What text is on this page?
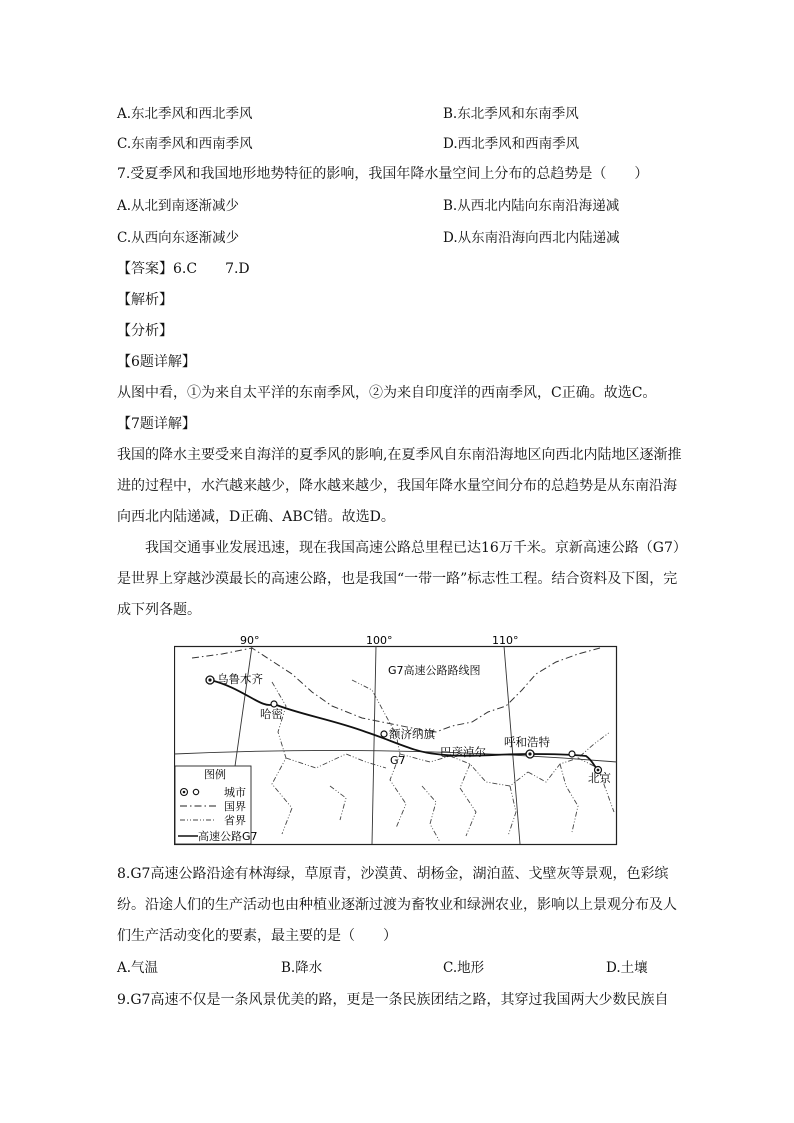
A.东北季风和西北季风	B.东北季风和东南季风
C.东南季风和西南季风	D.西北季风和西南季风
7.受夏季风和我国地形地势特征的影响，我国年降水量空间上分布的总趋势是（　　）
A.从北到南逐渐减少	B.从西北内陆向东南沿海递减
C.从西向东逐渐减少	D.从东南沿海向西北内陆递减
【答案】6.C　　7.D
【解析】
【分析】
【6题详解】
从图中看，①为来自太平洋的东南季风，②为来自印度洋的西南季风，C正确。故选C。
【7题详解】
我国的降水主要受来自海洋的夏季风的影响,在夏季风自东南沿海地区向西北内陆地区逐渐推进的过程中，水汽越来越少，降水越来越少，我国年降水量空间分布的总趋势是从东南沿海向西北内陆递减，D正确、ABC错。故选D。
我国交通事业发展迅速，现在我国高速公路总里程已达16万千米。京新高速公路（G7）是世界上穿越沙漠最长的高速公路，也是我国“一带一路”标志性工程。结合资料及下图，完成下列各题。
90°	100°	110°
乌鲁木齐
哈密
额济纳旗
巴彦淖尔
呼和浩特
北京
G7高速公路路线图
G7
图例
城市
国界
省界
高速公路G7
8.G7高速公路沿途有林海绿，草原青，沙漠黄、胡杨金，湖泊蓝、戈壁灰等景观，色彩缤纷。沿途人们的生产活动也由种植业逐渐过渡为畜牧业和绿洲农业，影响以上景观分布及人们生产活动变化的要素，最主要的是（　　）
A.气温	B.降水	C.地形	D.土壤
9.G7高速不仅是一条风景优美的路，更是一条民族团结之路，其穿过我国两大少数民族自
